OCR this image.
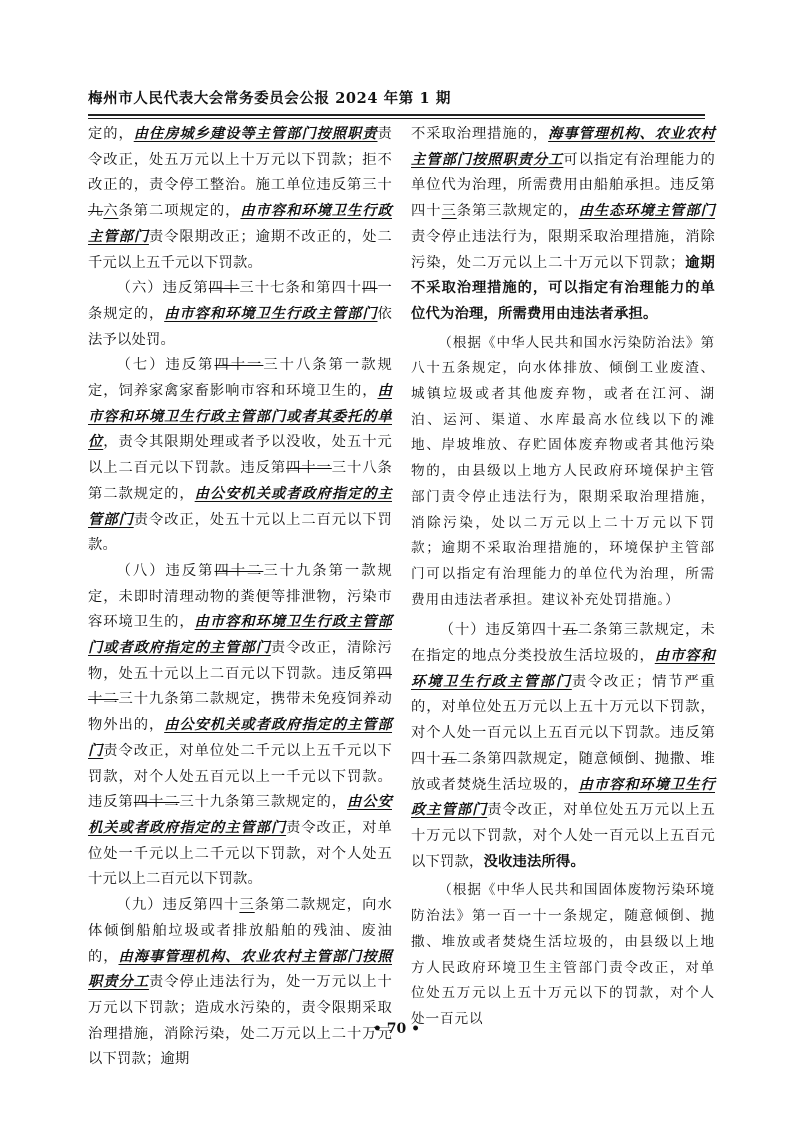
梅州市人民代表大会常务委员会公报 2024 年第 1 期

定的，由住房城乡建设等主管部门按照职责责令改正，处五万元以上十万元以下罚款；拒不改正的，责令停工整治。施工单位违反第三十九六条第二项规定的，由市容和环境卫生行政主管部门责令限期改正；逾期不改正的，处二千元以上五千元以下罚款。

（六）违反第四十三十七条和第四十四一条规定的，由市容和环境卫生行政主管部门依法予以处罚。

（七）违反第四十一三十八条第一款规定，饲养家禽家畜影响市容和环境卫生的，由市容和环境卫生行政主管部门或者其委托的单位，责令其限期处理或者予以没收，处五十元以上二百元以下罚款。违反第四十一三十八条第二款规定的，由公安机关或者政府指定的主管部门责令改正，处五十元以上二百元以下罚款。

（八）违反第四十二三十九条第一款规定，未即时清理动物的粪便等排泄物，污染市容环境卫生的，由市容和环境卫生行政主管部门或者政府指定的主管部门责令改正，清除污物，处五十元以上二百元以下罚款。违反第四十二三十九条第二款规定，携带未免疫饲养动物外出的，由公安机关或者政府指定的主管部门责令改正，对单位处二千元以上五千元以下罚款，对个人处五百元以上一千元以下罚款。违反第四十二三十九条第三款规定的，由公安机关或者政府指定的主管部门责令改正，对单位处一千元以上二千元以下罚款，对个人处五十元以上二百元以下罚款。

（九）违反第四十三条第二款规定，向水体倾倒船舶垃圾或者排放船舶的残油、废油的，由海事管理机构、农业农村主管部门按照职责分工责令停止违法行为，处一万元以上十万元以下罚款；造成水污染的，责令限期采取治理措施，消除污染，处二万元以上二十万元以下罚款；逾期

不采取治理措施的，海事管理机构、农业农村主管部门按照职责分工可以指定有治理能力的单位代为治理，所需费用由船舶承担。违反第四十三条第三款规定的，由生态环境主管部门责令停止违法行为，限期采取治理措施，消除污染，处二万元以上二十万元以下罚款；逾期不采取治理措施的，可以指定有治理能力的单位代为治理，所需费用由违法者承担。

（根据《中华人民共和国水污染防治法》第八十五条规定，向水体排放、倾倒工业废渣、城镇垃圾或者其他废弃物，或者在江河、湖泊、运河、渠道、水库最高水位线以下的滩地、岸坡堆放、存贮固体废弃物或者其他污染物的，由县级以上地方人民政府环境保护主管部门责令停止违法行为，限期采取治理措施，消除污染，处以二万元以上二十万元以下罚款；逾期不采取治理措施的，环境保护主管部门可以指定有治理能力的单位代为治理，所需费用由违法者承担。建议补充处罚措施。）

（十）违反第四十五二条第三款规定，未在指定的地点分类投放生活垃圾的，由市容和环境卫生行政主管部门责令改正；情节严重的，对单位处五万元以上五十万元以下罚款，对个人处一百元以上五百元以下罚款。违反第四十五二条第四款规定，随意倾倒、抛撒、堆放或者焚烧生活垃圾的，由市容和环境卫生行政主管部门责令改正，对单位处五万元以上五十万元以下罚款，对个人处一百元以上五百元以下罚款，没收违法所得。

（根据《中华人民共和国固体废物污染环境防治法》第一百一十一条规定，随意倾倒、抛撒、堆放或者焚烧生活垃圾的，由县级以上地方人民政府环境卫生主管部门责令改正，对单位处五万元以上五十万元以下的罚款，对个人处一百元以

• 70 •
